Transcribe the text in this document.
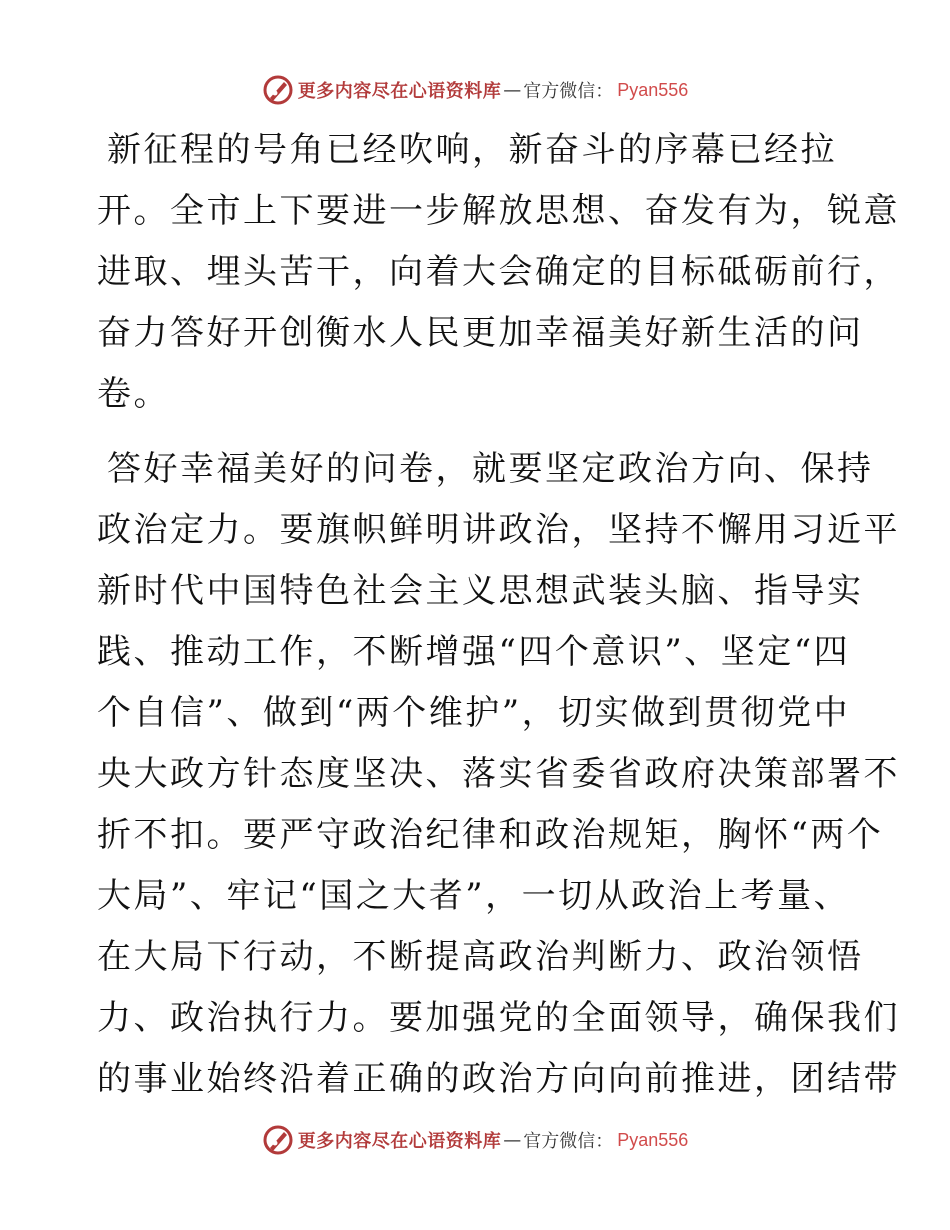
更多内容尽在心语资料库 — 官方微信： Pyan556

新征程的号角已经吹响，新奋斗的序幕已经拉
开。全市上下要进一步解放思想、奋发有为，锐意
进取、埋头苦干，向着大会确定的目标砥砺前行，
奋力答好开创衡水人民更加幸福美好新生活的问
卷。

答好幸福美好的问卷，就要坚定政治方向、保持
政治定力。要旗帜鲜明讲政治，坚持不懈用习近平
新时代中国特色社会主义思想武装头脑、指导实
践、推动工作，不断增强“四个意识”、坚定“四
个自信”、做到“两个维护”，切实做到贯彻党中
央大政方针态度坚决、落实省委省政府决策部署不
折不扣。要严守政治纪律和政治规矩，胸怀“两个
大局”、牢记“国之大者”，一切从政治上考量、
在大局下行动，不断提高政治判断力、政治领悟
力、政治执行力。要加强党的全面领导，确保我们
的事业始终沿着正确的政治方向向前推进，团结带

更多内容尽在心语资料库 — 官方微信： Pyan556
